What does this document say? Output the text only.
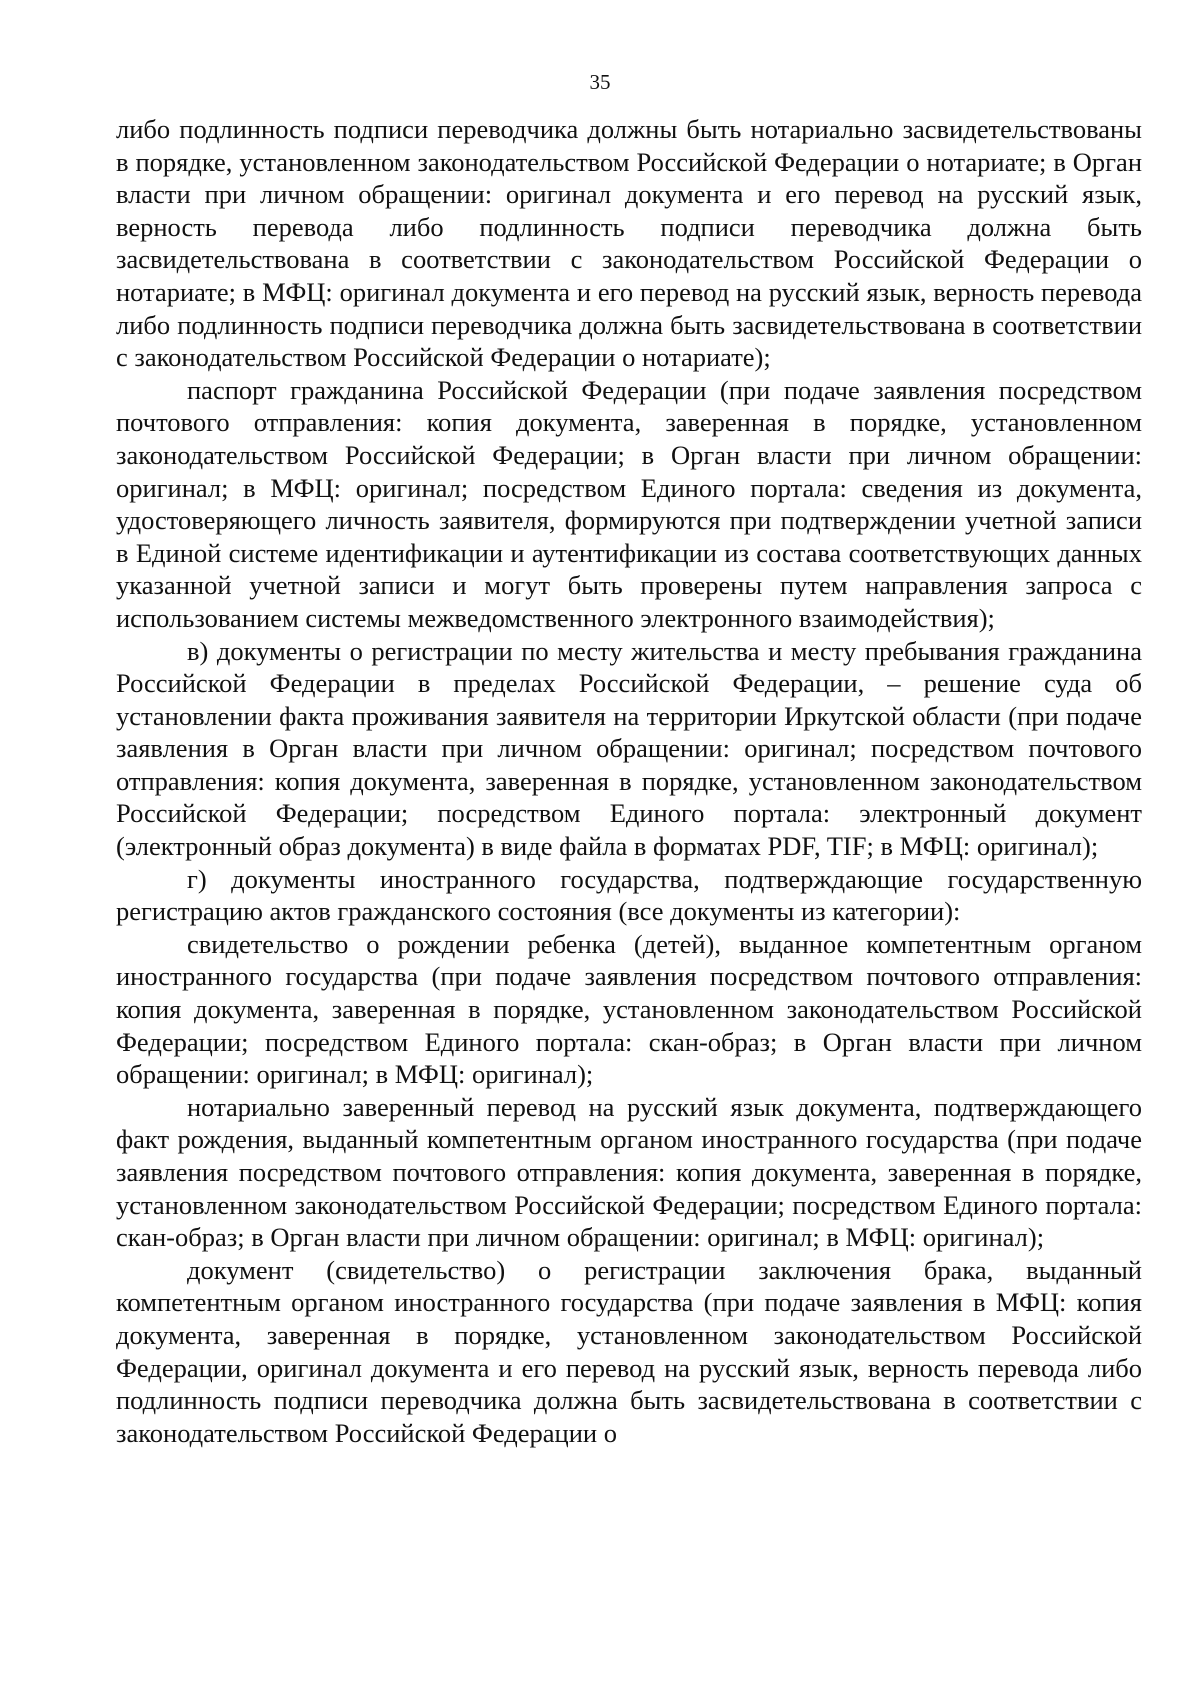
35

либо подлинность подписи переводчика должны быть нотариально засвидетельствованы в порядке, установленном законодательством Российской Федерации о нотариате; в Орган власти при личном обращении: оригинал документа и его перевод на русский язык, верность перевода либо подлинность подписи переводчика должна быть засвидетельствована в соответствии с законодательством Российской Федерации о нотариате; в МФЦ: оригинал документа и его перевод на русский язык, верность перевода либо подлинность подписи переводчика должна быть засвидетельствована в соответствии с законодательством Российской Федерации о нотариате);

паспорт гражданина Российской Федерации (при подаче заявления посредством почтового отправления: копия документа, заверенная в порядке, установленном законодательством Российской Федерации; в Орган власти при личном обращении: оригинал; в МФЦ: оригинал; посредством Единого портала: сведения из документа, удостоверяющего личность заявителя, формируются при подтверждении учетной записи в Единой системе идентификации и аутентификации из состава соответствующих данных указанной учетной записи и могут быть проверены путем направления запроса с использованием системы межведомственного электронного взаимодействия);

в) документы о регистрации по месту жительства и месту пребывания гражданина Российской Федерации в пределах Российской Федерации, – решение суда об установлении факта проживания заявителя на территории Иркутской области (при подаче заявления в Орган власти при личном обращении: оригинал; посредством почтового отправления: копия документа, заверенная в порядке, установленном законодательством Российской Федерации; посредством Единого портала: электронный документ (электронный образ документа) в виде файла в форматах PDF, TIF; в МФЦ: оригинал);

г) документы иностранного государства, подтверждающие государственную регистрацию актов гражданского состояния (все документы из категории):

свидетельство о рождении ребенка (детей), выданное компетентным органом иностранного государства (при подаче заявления посредством почтового отправления: копия документа, заверенная в порядке, установленном законодательством Российской Федерации; посредством Единого портала: скан-образ; в Орган власти при личном обращении: оригинал; в МФЦ: оригинал);

нотариально заверенный перевод на русский язык документа, подтверждающего факт рождения, выданный компетентным органом иностранного государства (при подаче заявления посредством почтового отправления: копия документа, заверенная в порядке, установленном законодательством Российской Федерации; посредством Единого портала: скан-образ; в Орган власти при личном обращении: оригинал; в МФЦ: оригинал);

документ (свидетельство) о регистрации заключения брака, выданный компетентным органом иностранного государства (при подаче заявления в МФЦ: копия документа, заверенная в порядке, установленном законодательством Российской Федерации, оригинал документа и его перевод на русский язык, верность перевода либо подлинность подписи переводчика должна быть засвидетельствована в соответствии с законодательством Российской Федерации о
